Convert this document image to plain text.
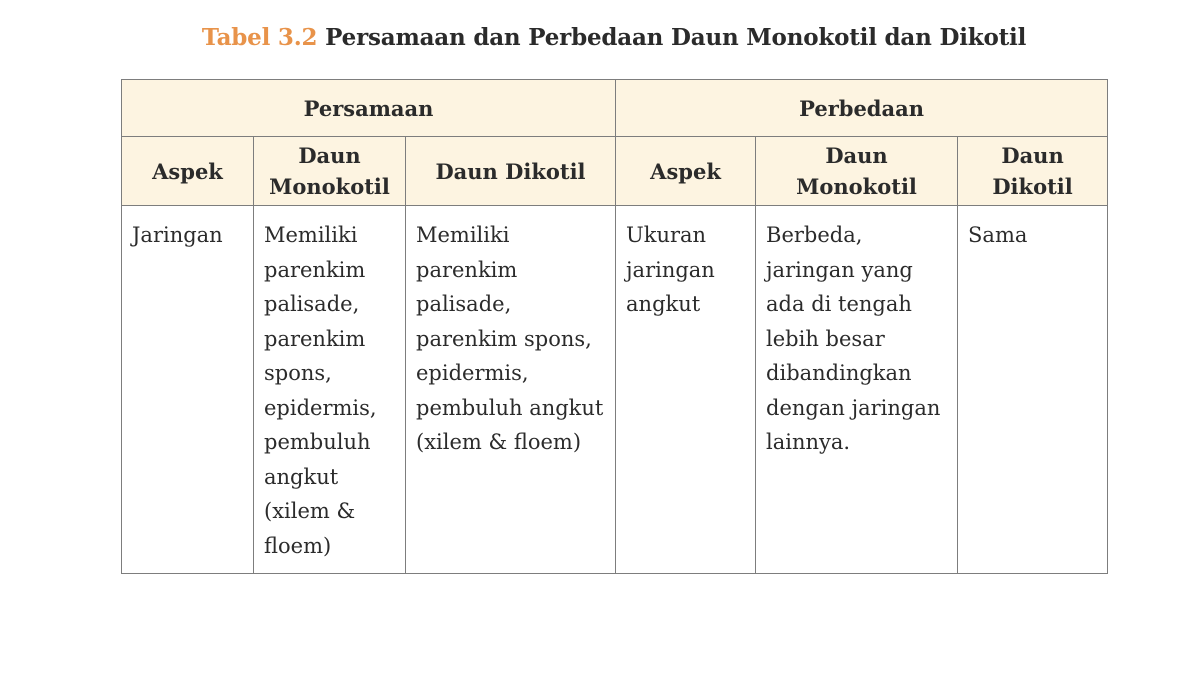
Tabel 3.2 Persamaan dan Perbedaan Daun Monokotil dan Dikotil
Persamaan			Perbedaan		
Aspek	Daun Monokotil	Daun Dikotil	Aspek	Daun Monokotil	Daun Dikotil
Jaringan	Memiliki parenkim palisade, parenkim spons, epidermis, pembuluh angkut (xilem & floem)	Memiliki parenkim palisade, parenkim spons, epidermis, pembuluh angkut (xilem & floem)	Ukuran jaringan angkut	Berbeda, jaringan yang ada di tengah lebih besar dibandingkan dengan jaringan lainnya.	Sama
